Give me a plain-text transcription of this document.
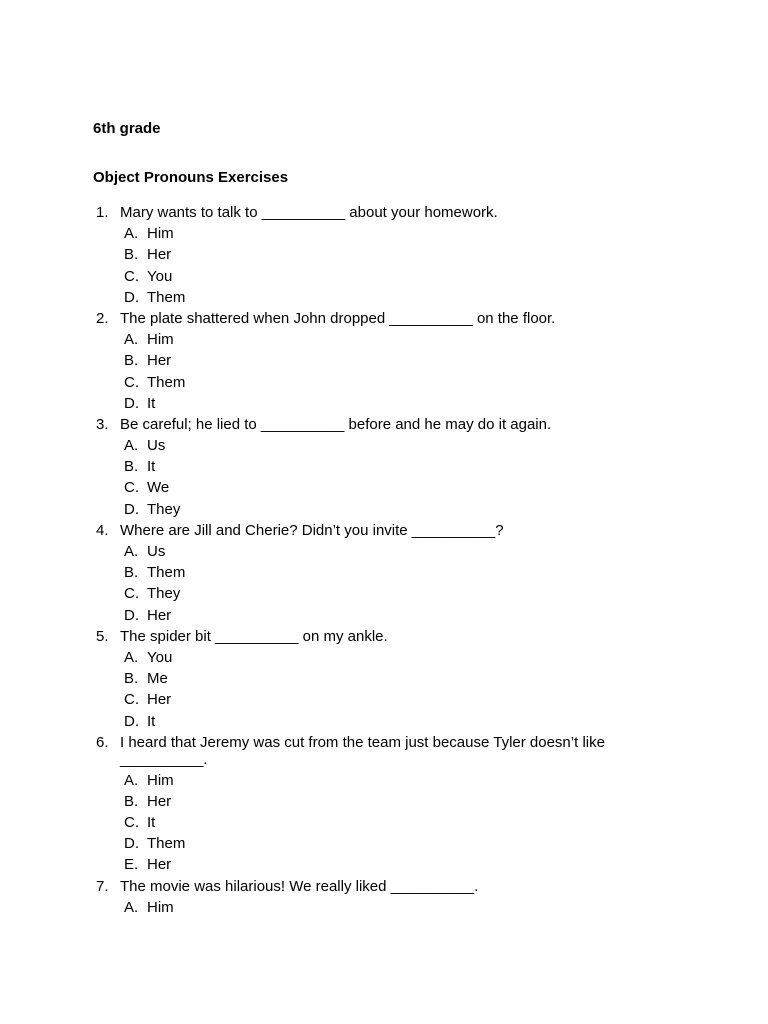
6th grade

Object Pronouns Exercises

1. Mary wants to talk to __________ about your homework.
A. Him
B. Her
C. You
D. Them
2. The plate shattered when John dropped __________ on the floor.
A. Him
B. Her
C. Them
D. It
3. Be careful; he lied to __________ before and he may do it again.
A. Us
B. It
C. We
D. They
4. Where are Jill and Cherie? Didn’t you invite __________?
A. Us
B. Them
C. They
D. Her
5. The spider bit __________ on my ankle.
A. You
B. Me
C. Her
D. It
6. I heard that Jeremy was cut from the team just because Tyler doesn’t like __________.
A. Him
B. Her
C. It
D. Them
E. Her
7. The movie was hilarious! We really liked __________.
A. Him
